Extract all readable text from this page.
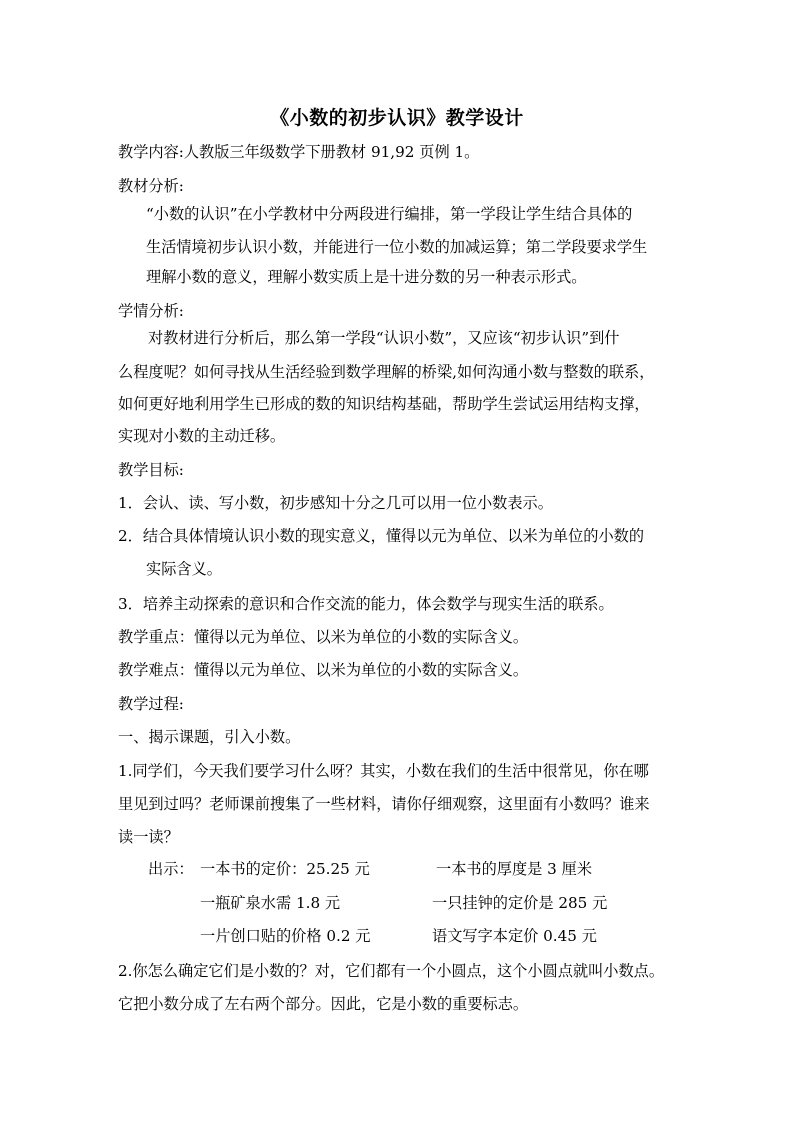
《小数的初步认识》教学设计
教学内容:人教版三年级数学下册教材 91,92 页例 1。
教材分析:
“小数的认识”在小学教材中分两段进行编排，第一学段让学生结合具体的
生活情境初步认识小数，并能进行一位小数的加减运算；第二学段要求学生
理解小数的意义，理解小数实质上是十进分数的另一种表示形式。
学情分析:
对教材进行分析后，那么第一学段“认识小数”，又应该“初步认识”到什
么程度呢？如何寻找从生活经验到数学理解的桥梁,如何沟通小数与整数的联系，
如何更好地利用学生已形成的数的知识结构基础，帮助学生尝试运用结构支撑，
实现对小数的主动迁移。
教学目标:
1．会认、读、写小数，初步感知十分之几可以用一位小数表示。
2．结合具体情境认识小数的现实意义，懂得以元为单位、以米为单位的小数的
实际含义。
3．培养主动探索的意识和合作交流的能力，体会数学与现实生活的联系。
教学重点：懂得以元为单位、以米为单位的小数的实际含义。
教学难点：懂得以元为单位、以米为单位的小数的实际含义。
教学过程:
一、揭示课题，引入小数。
1.同学们，今天我们要学习什么呀？其实，小数在我们的生活中很常见，你在哪
里见到过吗？老师课前搜集了一些材料，请你仔细观察，这里面有小数吗？谁来
读一读？
出示： 一本书的定价：25.25 元	一本书的厚度是 3 厘米
一瓶矿泉水需 1.8 元	一只挂钟的定价是 285 元
一片创口贴的价格 0.2 元	语文写字本定价 0.45 元
2.你怎么确定它们是小数的？对，它们都有一个小圆点，这个小圆点就叫小数点。
它把小数分成了左右两个部分。因此，它是小数的重要标志。
